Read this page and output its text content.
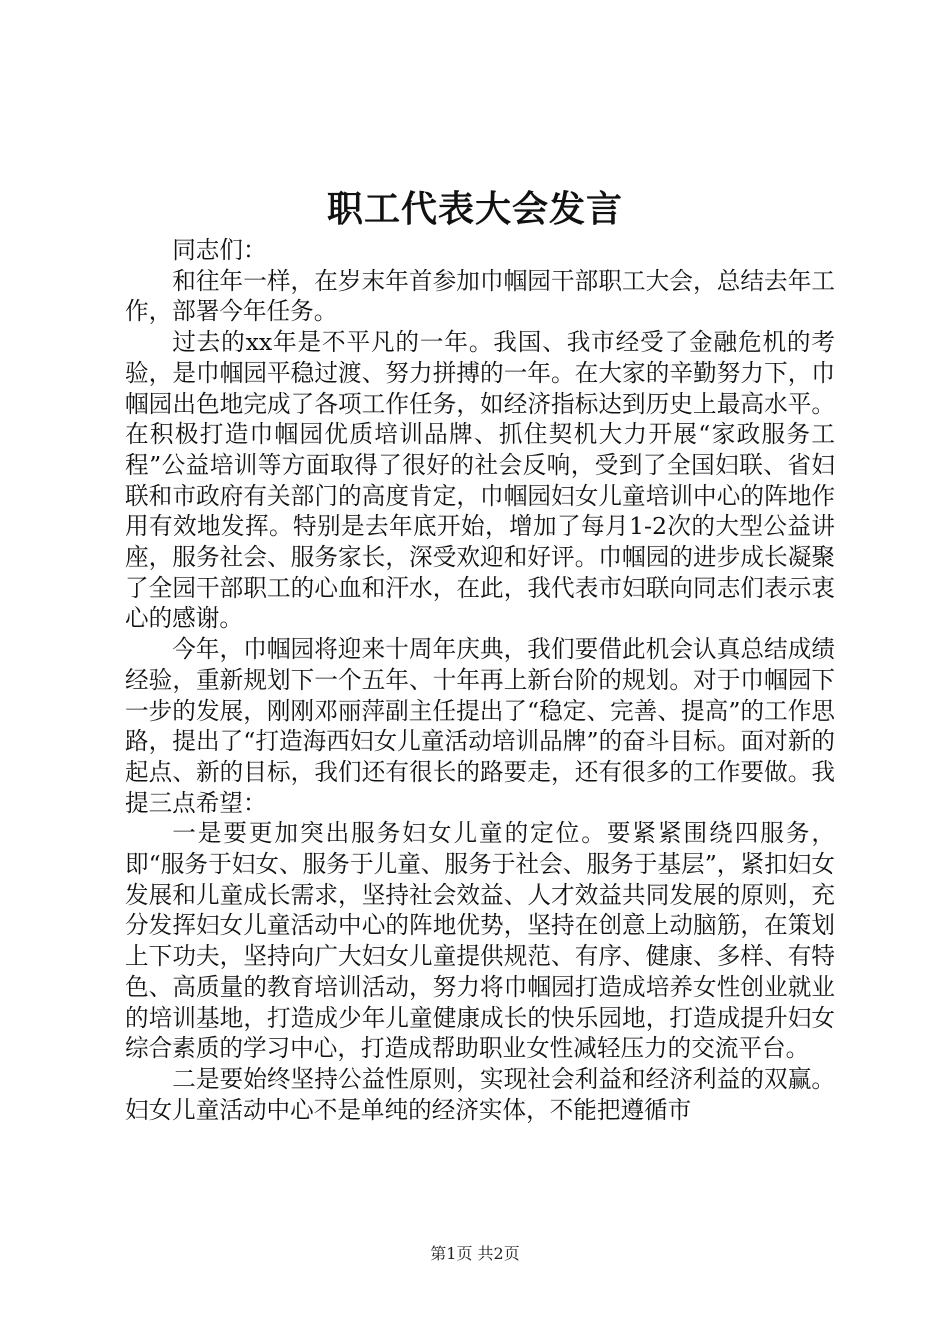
职工代表大会发言

同志们：

和往年一样，在岁末年首参加巾帼园干部职工大会，总结去年工作，部署今年任务。

过去的xx年是不平凡的一年。我国、我市经受了金融危机的考验，是巾帼园平稳过渡、努力拼搏的一年。在大家的辛勤努力下，巾帼园出色地完成了各项工作任务，如经济指标达到历史上最高水平。在积极打造巾帼园优质培训品牌、抓住契机大力开展“家政服务工程”公益培训等方面取得了很好的社会反响，受到了全国妇联、省妇联和市政府有关部门的高度肯定，巾帼园妇女儿童培训中心的阵地作用有效地发挥。特别是去年底开始，增加了每月1-2次的大型公益讲座，服务社会、服务家长，深受欢迎和好评。巾帼园的进步成长凝聚了全园干部职工的心血和汗水，在此，我代表市妇联向同志们表示衷心的感谢。

今年，巾帼园将迎来十周年庆典，我们要借此机会认真总结成绩经验，重新规划下一个五年、十年再上新台阶的规划。对于巾帼园下一步的发展，刚刚邓丽萍副主任提出了“稳定、完善、提高”的工作思路，提出了“打造海西妇女儿童活动培训品牌”的奋斗目标。面对新的起点、新的目标，我们还有很长的路要走，还有很多的工作要做。我提三点希望：

一是要更加突出服务妇女儿童的定位。要紧紧围绕四服务，即“服务于妇女、服务于儿童、服务于社会、服务于基层”，紧扣妇女发展和儿童成长需求，坚持社会效益、人才效益共同发展的原则，充分发挥妇女儿童活动中心的阵地优势，坚持在创意上动脑筋，在策划上下功夫，坚持向广大妇女儿童提供规范、有序、健康、多样、有特色、高质量的教育培训活动，努力将巾帼园打造成培养女性创业就业的培训基地，打造成少年儿童健康成长的快乐园地，打造成提升妇女综合素质的学习中心，打造成帮助职业女性减轻压力的交流平台。

二是要始终坚持公益性原则，实现社会利益和经济利益的双赢。妇女儿童活动中心不是单纯的经济实体，不能把遵循市

第1页 共2页
